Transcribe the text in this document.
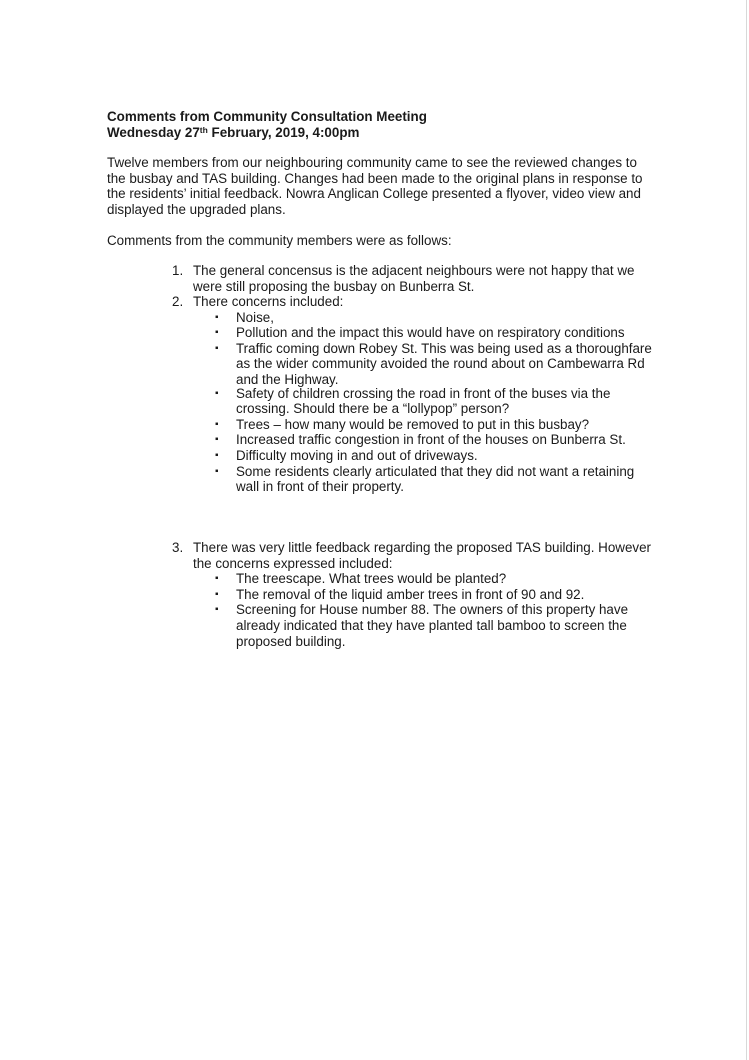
Comments from Community Consultation Meeting
Wednesday 27th February, 2019, 4:00pm
Twelve members from our neighbouring community came to see the reviewed changes to
the busbay and TAS building. Changes had been made to the original plans in response to
the residents’ initial feedback. Nowra Anglican College presented a flyover, video view and
displayed the upgraded plans.
Comments from the community members were as follows:
1. The general concensus is the adjacent neighbours were not happy that we
were still proposing the busbay on Bunberra St.
2. There concerns included:
▪ Noise,
▪ Pollution and the impact this would have on respiratory conditions
▪ Traffic coming down Robey St. This was being used as a thoroughfare
as the wider community avoided the round about on Cambewarra Rd
and the Highway.
▪ Safety of children crossing the road in front of the buses via the
crossing. Should there be a “lollypop” person?
▪ Trees – how many would be removed to put in this busbay?
▪ Increased traffic congestion in front of the houses on Bunberra St.
▪ Difficulty moving in and out of driveways.
▪ Some residents clearly articulated that they did not want a retaining
wall in front of their property.
3. There was very little feedback regarding the proposed TAS building. However
the concerns expressed included:
▪ The treescape. What trees would be planted?
▪ The removal of the liquid amber trees in front of 90 and 92.
▪ Screening for House number 88. The owners of this property have
already indicated that they have planted tall bamboo to screen the
proposed building.
